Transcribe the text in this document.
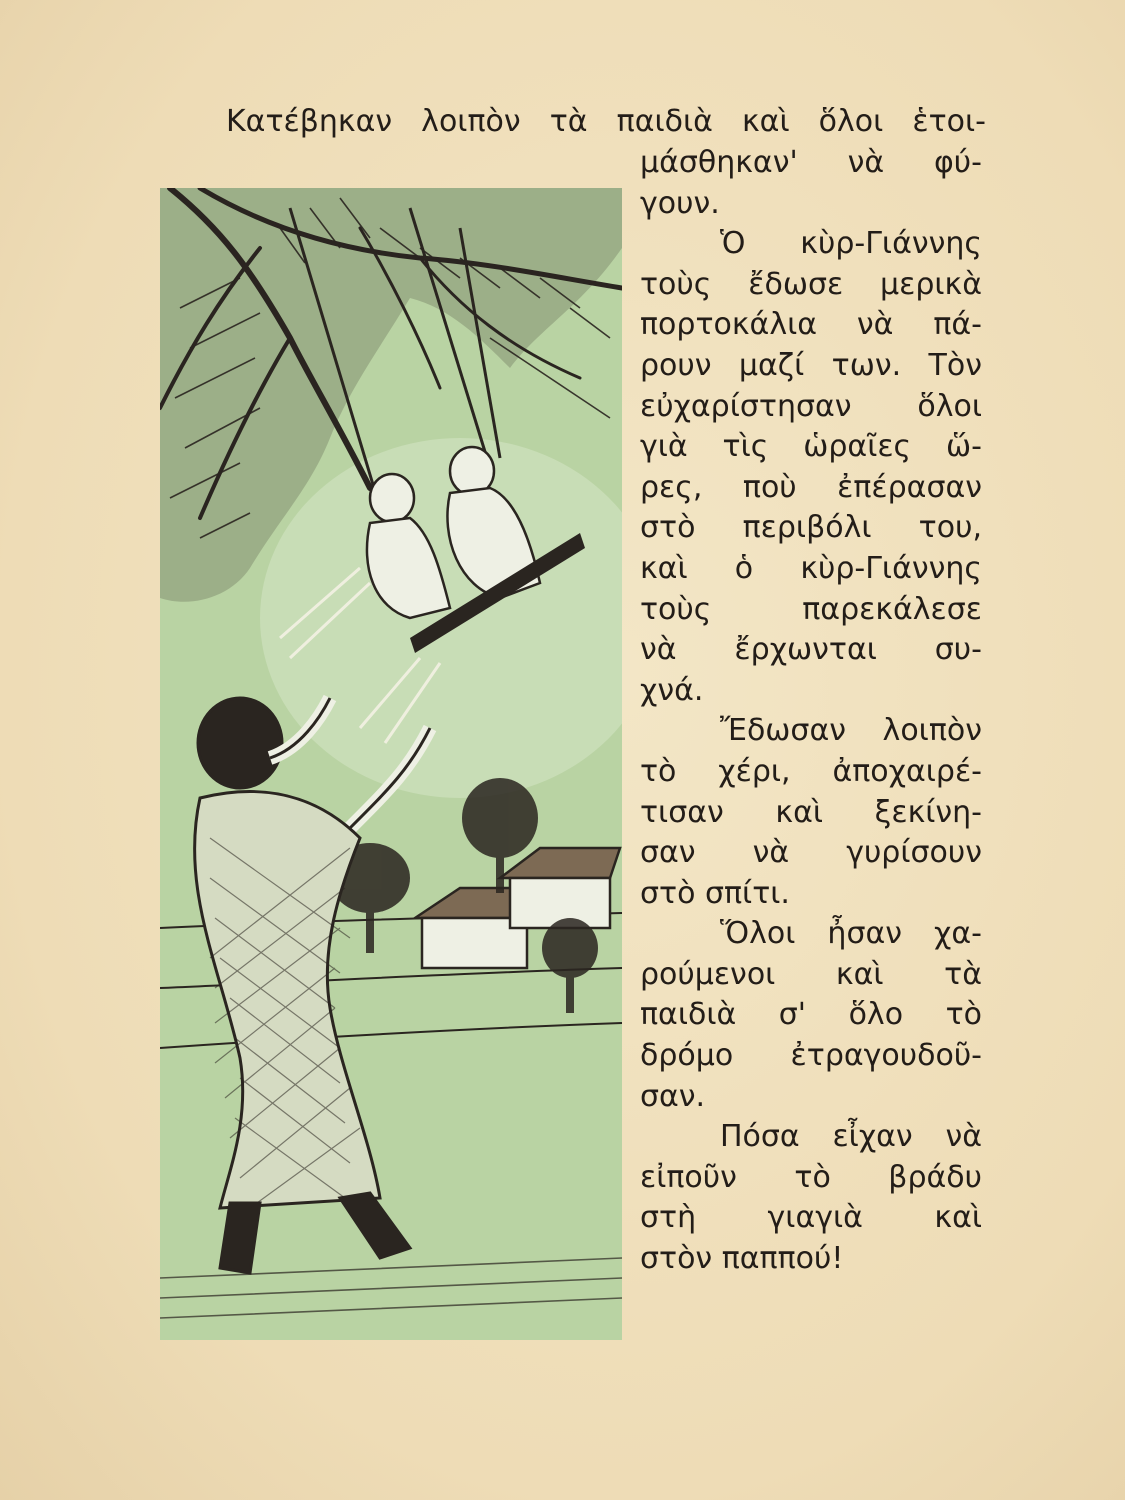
Κατέβηκαν λοιπὸν τὰ παιδιὰ καὶ ὅλοι ἑτοι-

μάσθηκαν' νὰ φύ-

γουν.

Ὁ κὺρ-Γιάννης

τοὺς ἔδωσε μερικὰ

πορτοκάλια νὰ πά-

ρουν μαζί των. Τὸν

εὐχαρίστησαν ὅλοι

γιὰ τὶς ὡραῖες ὥ-

ρες, ποὺ ἐπέρασαν

στὸ περιβόλι του,

καὶ ὁ κὺρ-Γιάννης

τοὺς παρεκάλεσε

νὰ ἔρχωνται συ-

χνά.

Ἔδωσαν λοιπὸν

τὸ χέρι, ἀποχαιρέ-

τισαν καὶ ξεκίνη-

σαν νὰ γυρίσουν

στὸ σπίτι.

Ὅλοι ἦσαν χα-

ρούμενοι καὶ τὰ

παιδιὰ σ' ὅλο τὸ

δρόμο ἐτραγουδοῦ-

σαν.

Πόσα εἶχαν νὰ

εἰποῦν τὸ βράδυ

στὴ γιαγιὰ καὶ

στὸν παππού!
